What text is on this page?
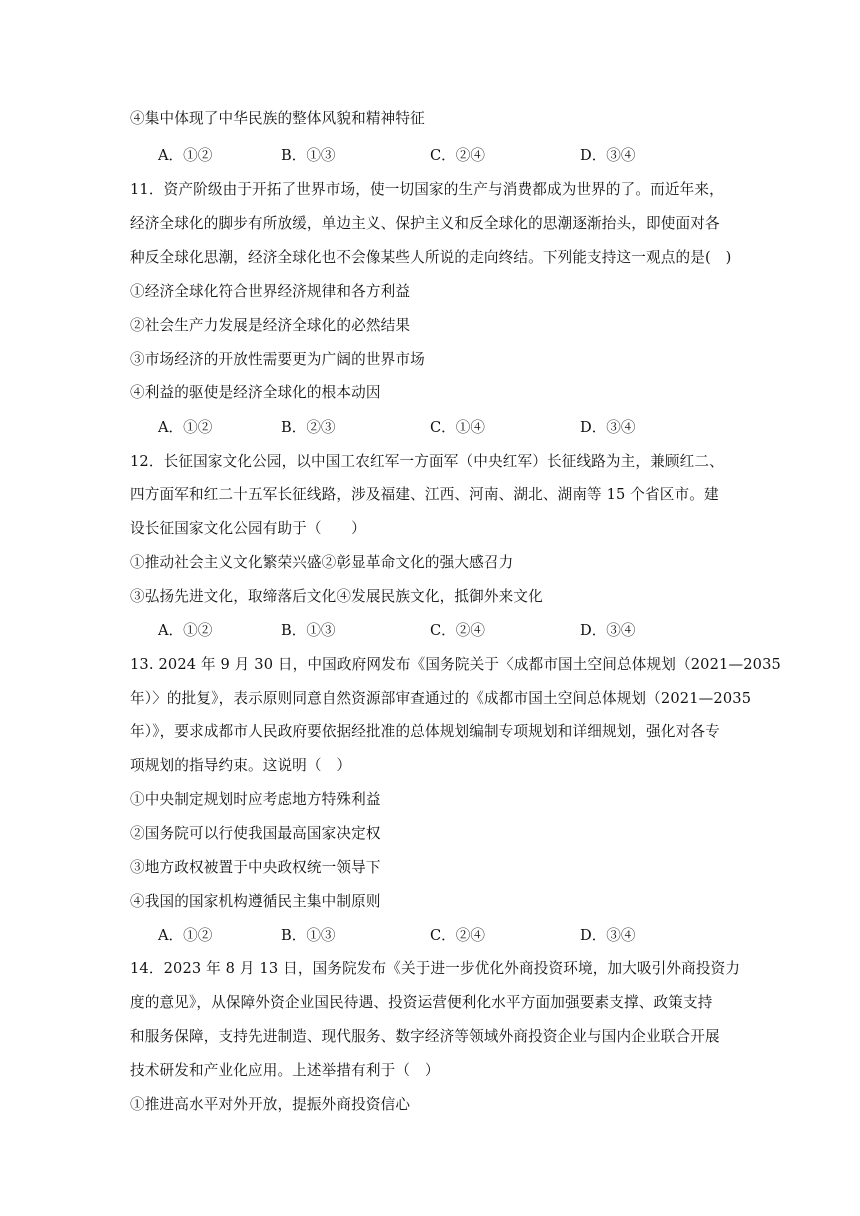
④集中体现了中华民族的整体风貌和精神特征
A．①②	B．①③	C．②④	D．③④
11．资产阶级由于开拓了世界市场，使一切国家的生产与消费都成为世界的了。而近年来，
经济全球化的脚步有所放缓，单边主义、保护主义和反全球化的思潮逐渐抬头，即使面对各
种反全球化思潮，经济全球化也不会像某些人所说的走向终结。下列能支持这一观点的是(　)
①经济全球化符合世界经济规律和各方利益
②社会生产力发展是经济全球化的必然结果
③市场经济的开放性需要更为广阔的世界市场
④利益的驱使是经济全球化的根本动因
A．①②	B．②③	C．①④	D．③④
12．长征国家文化公园，以中国工农红军一方面军（中央红军）长征线路为主，兼顾红二、
四方面军和红二十五军长征线路，涉及福建、江西、河南、湖北、湖南等 15 个省区市。建
设长征国家文化公园有助于（　　）
①推动社会主义文化繁荣兴盛②彰显革命文化的强大感召力
③弘扬先进文化，取缔落后文化④发展民族文化，抵御外来文化
A．①②	B．①③	C．②④	D．③④
13. 2024 年 9 月 30 日，中国政府网发布《国务院关于〈成都市国土空间总体规划（2021—2035
年）〉的批复》，表示原则同意自然资源部审查通过的《成都市国土空间总体规划（2021—2035
年）》，要求成都市人民政府要依据经批准的总体规划编制专项规划和详细规划，强化对各专
项规划的指导约束。这说明（　）
①中央制定规划时应考虑地方特殊利益
②国务院可以行使我国最高国家决定权
③地方政权被置于中央政权统一领导下
④我国的国家机构遵循民主集中制原则
A．①②	B．①③	C．②④	D．③④
14．2023 年 8 月 13 日，国务院发布《关于进一步优化外商投资环境，加大吸引外商投资力
度的意见》，从保障外资企业国民待遇、投资运营便利化水平方面加强要素支撑、政策支持
和服务保障，支持先进制造、现代服务、数字经济等领域外商投资企业与国内企业联合开展
技术研发和产业化应用。上述举措有利于（　）
①推进高水平对外开放，提振外商投资信心
